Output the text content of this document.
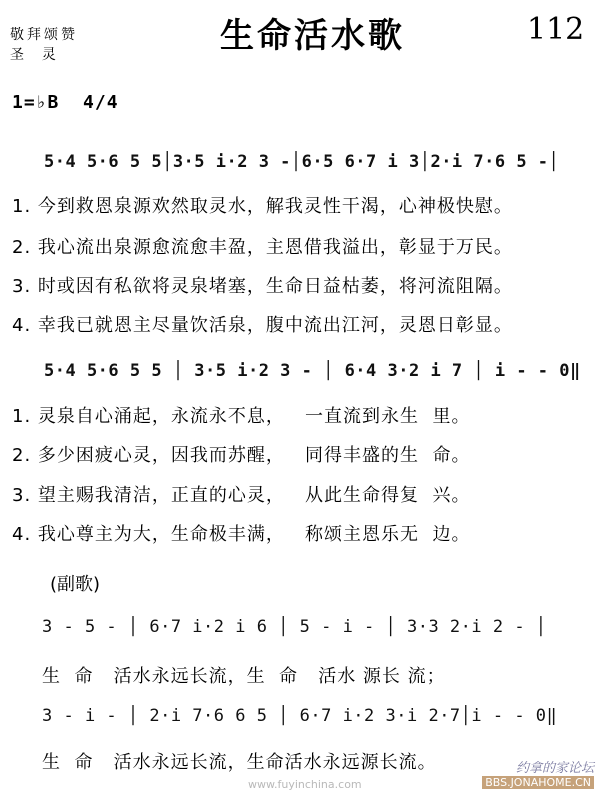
敬拜颂赞
圣  灵	生命活水歌	112
1=♭B  4/4
5·4 5·6 5 5│3·5 i·2 3 -│6·5 6·7 i 3│2·i 7·6 5 -│
1. 今到救恩泉源欢然取灵水，解我灵性干渴，心神极快慰。
2. 我心流出泉源愈流愈丰盈，主恩借我溢出，彰显于万民。
3. 时或因有私欲将灵泉堵塞，生命日益枯萎，将河流阻隔。
4. 幸我已就恩主尽量饮活泉，腹中流出江河，灵恩日彰显。
5·4 5·6 5 5 │ 3·5 i·2 3 - │ 6·4 3·2 i 7 │ i - - 0‖
1. 灵泉自心涌起，永流永不息，   一直流到永生  里。
2. 多少困疲心灵，因我而苏醒，   同得丰盛的生  命。
3. 望主赐我清洁，正直的心灵，   从此生命得复  兴。
4. 我心尊主为大，生命极丰满，   称颂主恩乐无  边。
(副歌)
3 - 5 - │ 6·7 i·2 i 6 │ 5 - i - │ 3·3 2·i 2 - │
生  命   活水永远长流，生  命   活水 源长 流；
3 - i - │ 2·i 7·6 6 5 │ 6·7 i·2 3·i 2·7│i - - 0‖
生  命   活水永远长流，生命活水永远源长流。	约拿的家论坛
BBS.JONAHOME.CN
www.fuyinchina.com
